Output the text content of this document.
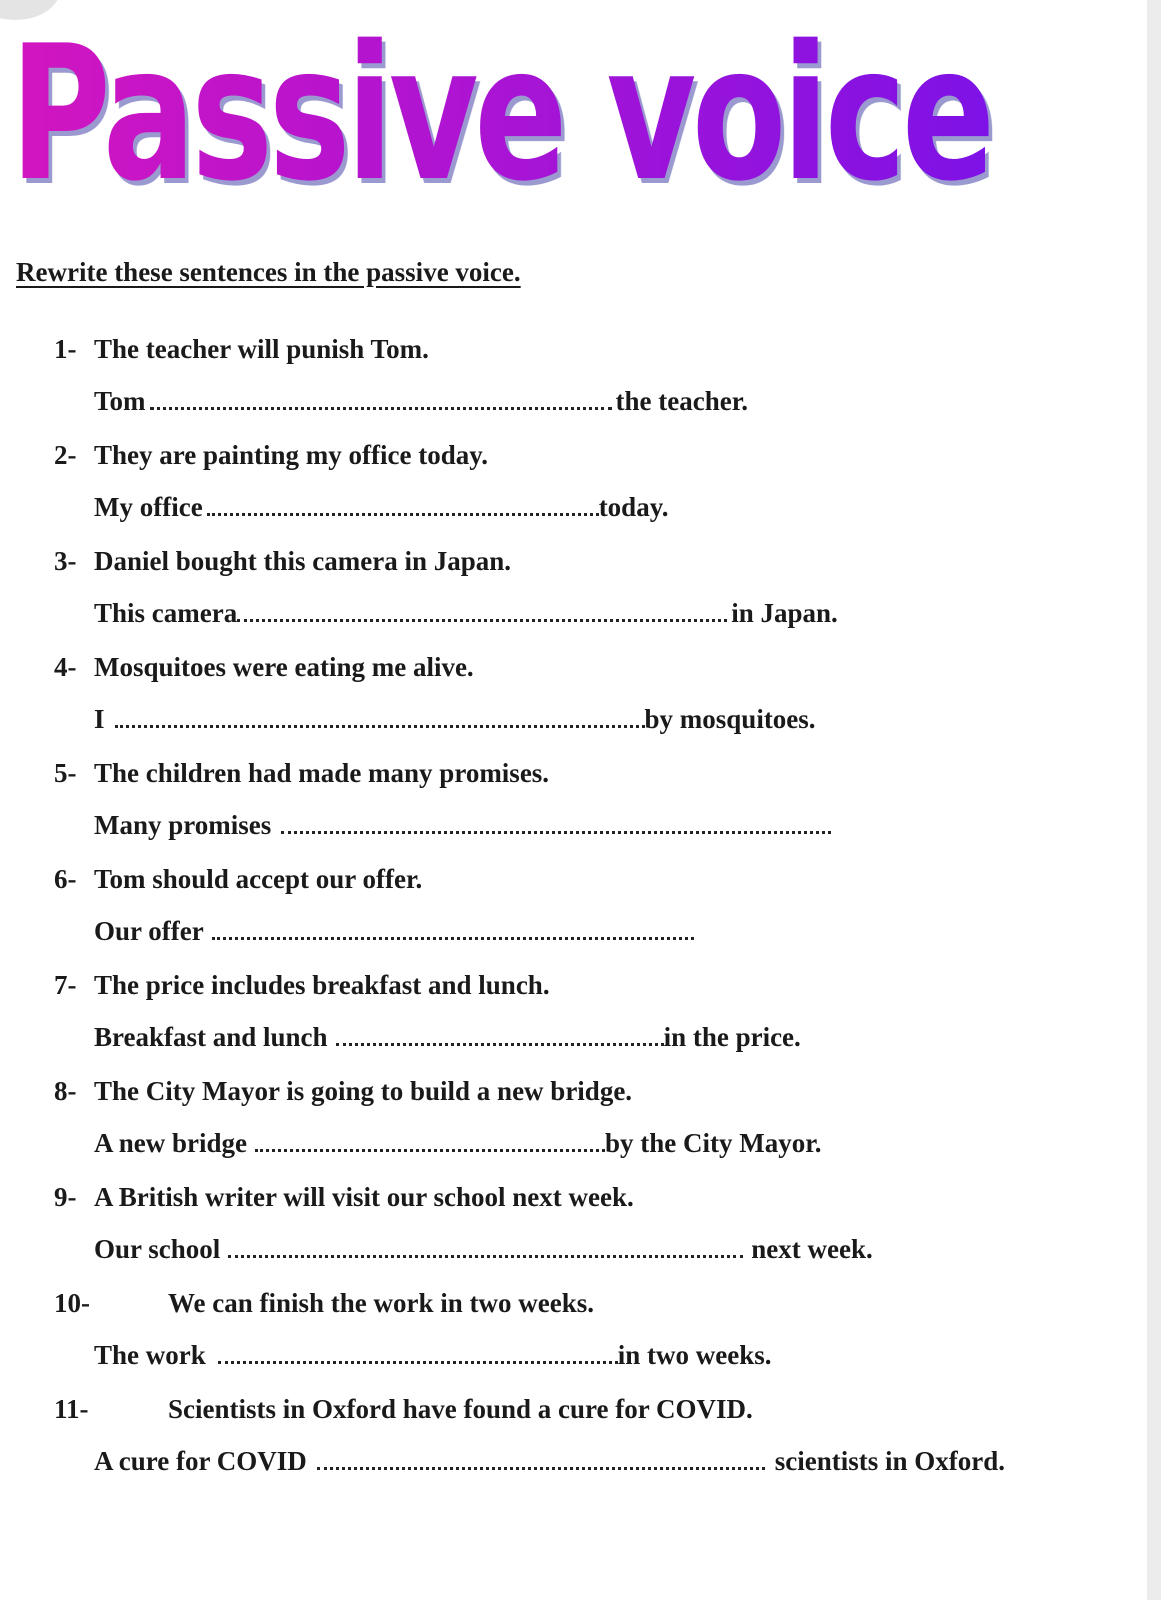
Passive voice
Rewrite these sentences in the passive voice.
1- The teacher will punish Tom.
Tom	the teacher.
2- They are painting my office today.
My office	today.
3- Daniel bought this camera in Japan.
This camera	in Japan.
4- Mosquitoes were eating me alive.
I	by mosquitoes.
5- The children had made many promises.
Many promises
6- Tom should accept our offer.
Our offer
7- The price includes breakfast and lunch.
Breakfast and lunch	in the price.
8- The City Mayor is going to build a new bridge.
A new bridge	by the City Mayor.
9- A British writer will visit our school next week.
Our school	next week.
10-	We can finish the work in two weeks.
The work	in two weeks.
11-	Scientists in Oxford have found a cure for COVID.
A cure for COVID	scientists in Oxford.
